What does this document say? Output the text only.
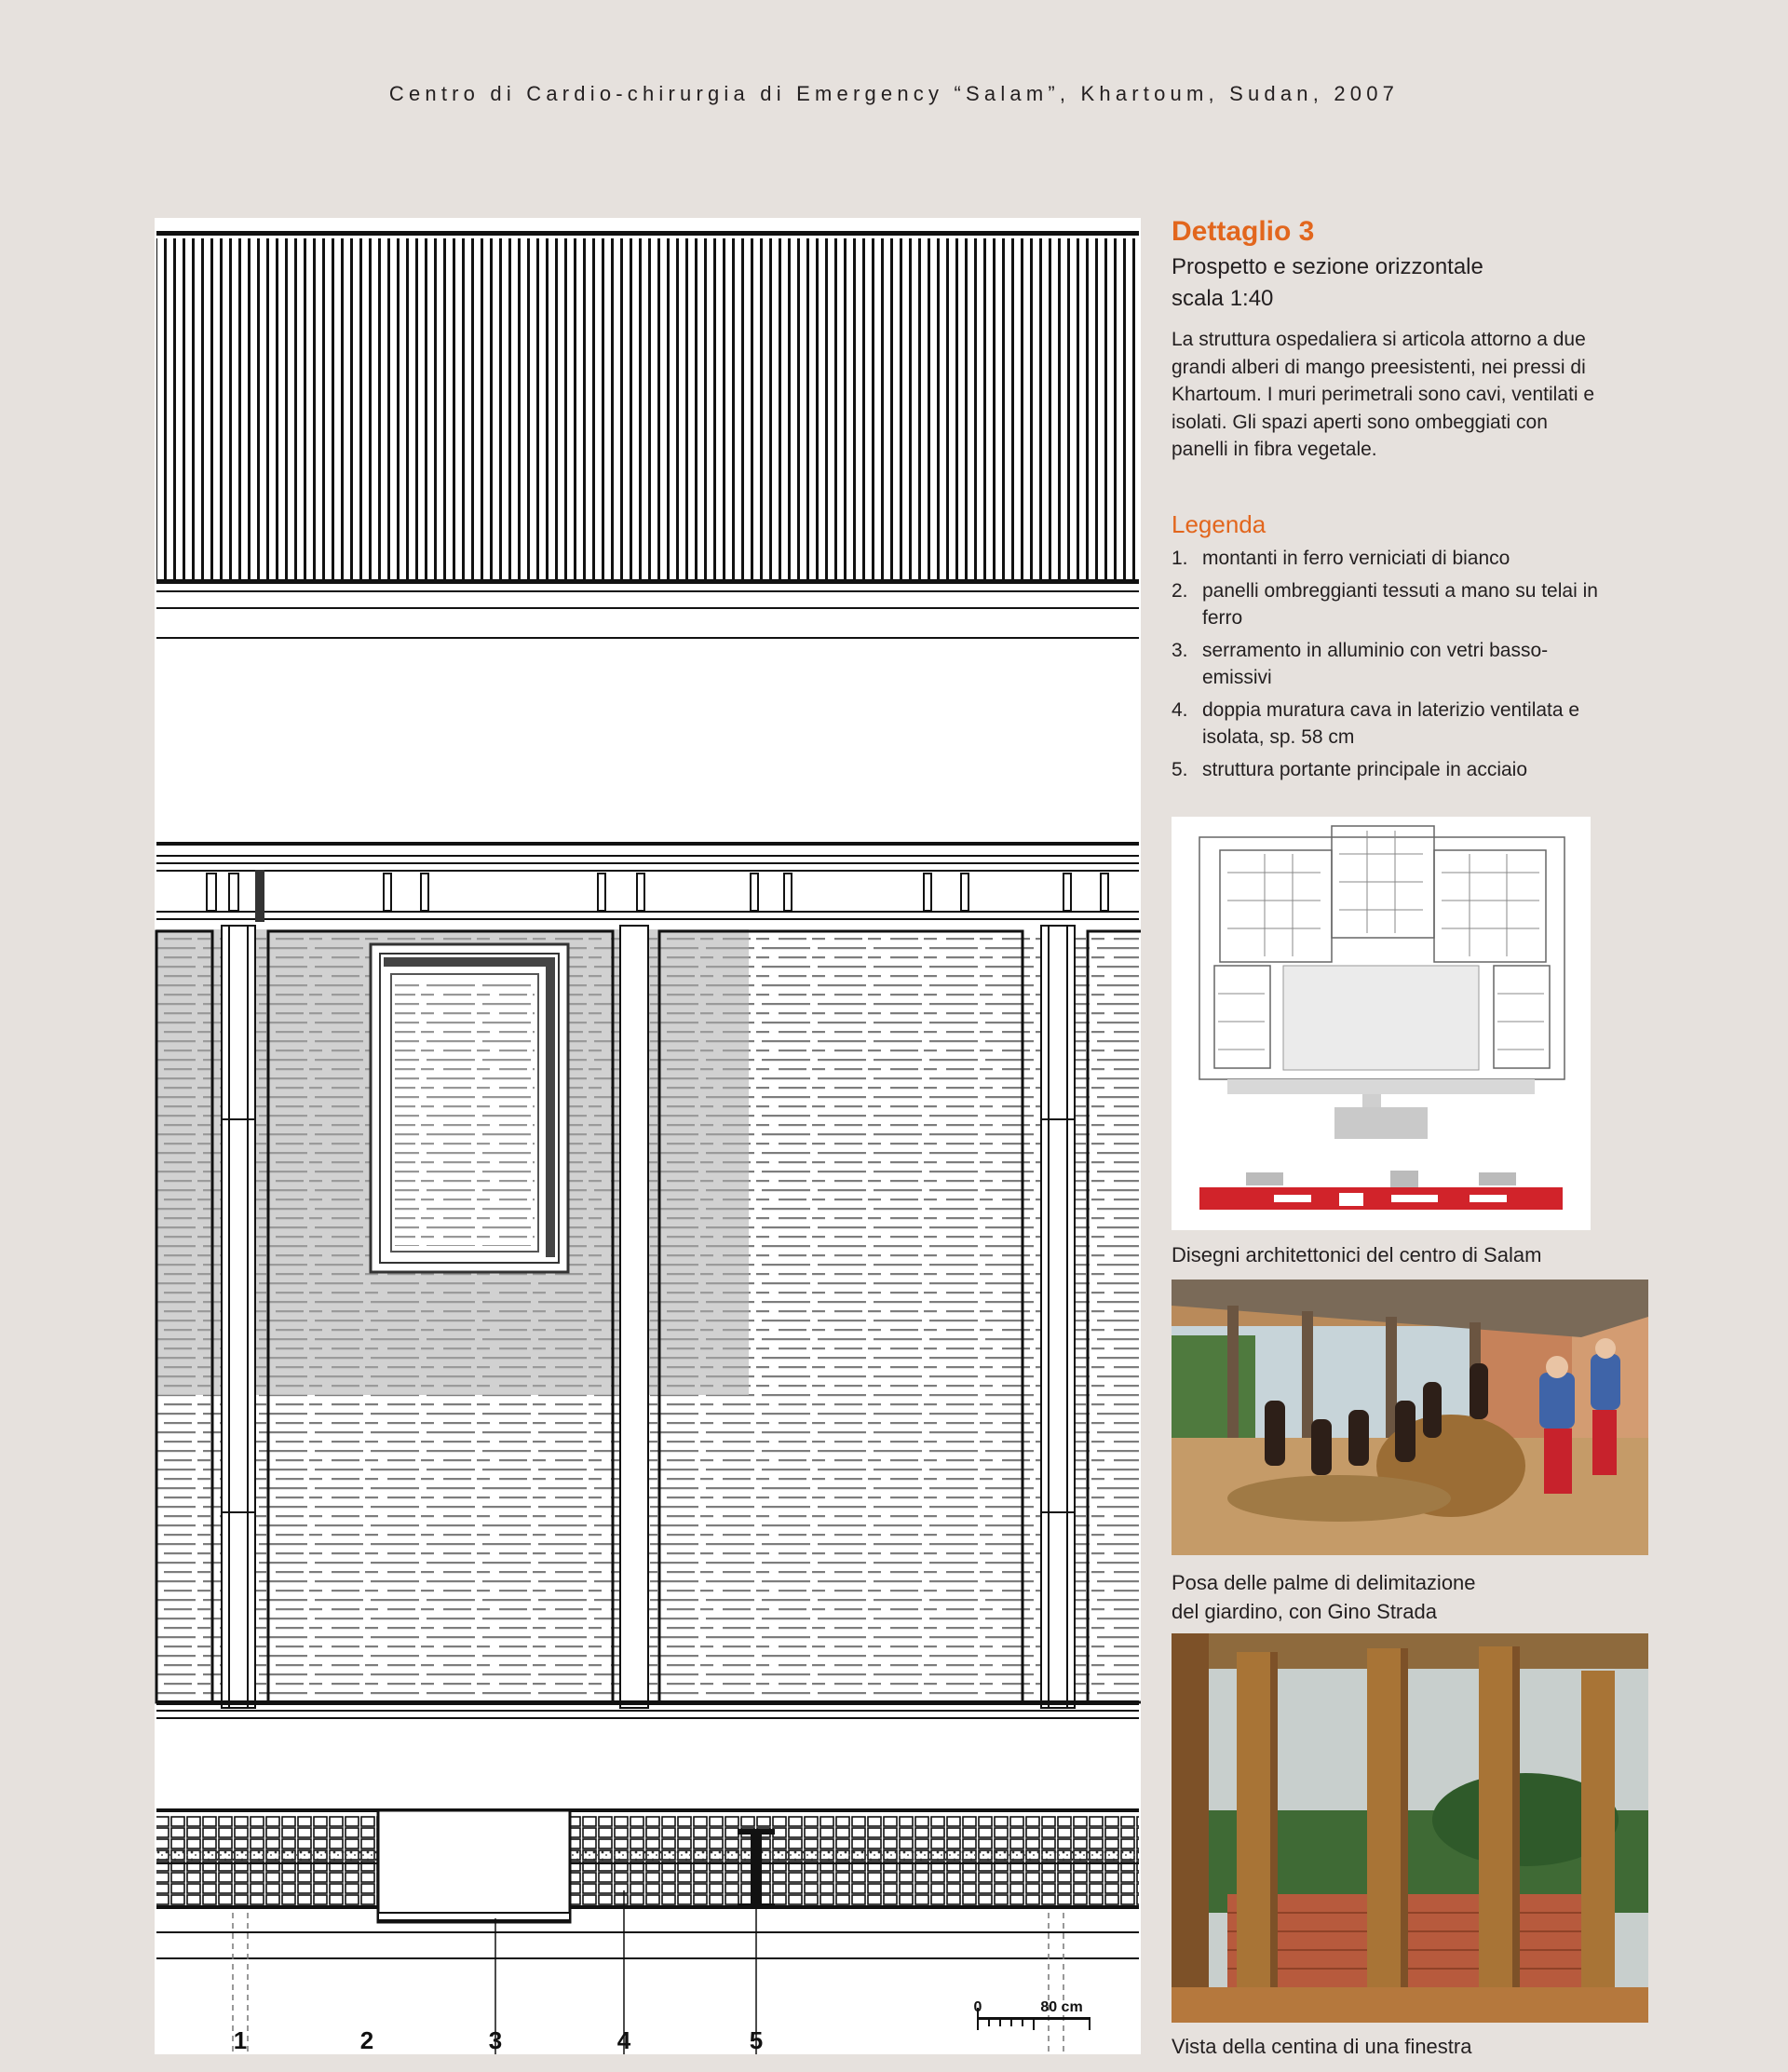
Centro di Cardio-chirurgia di Emergency “Salam”, Khartoum, Sudan, 2007
1	2	3	4	5
0	80 cm
Dettaglio 3
Prospetto e sezione orizzontale
scala 1:40

La struttura ospedaliera si articola attorno a due grandi alberi di mango preesistenti, nei pressi di Khartoum. I muri perimetrali sono cavi, ventilati e isolati. Gli spazi aperti sono ombeggiati con panelli in fibra vegetale.

Legenda
1. montanti in ferro verniciati di bianco
2. panelli ombreggianti tessuti a mano su telai in ferro
3. serramento in alluminio con vetri basso-emissivi
4. doppia muratura cava in laterizio ventilata e isolata, sp. 58 cm
5. struttura portante principale in acciaio
Disegni architettonici del centro di Salam
Posa delle palme di delimitazione
del giardino, con Gino Strada
Vista della centina di una finestra
